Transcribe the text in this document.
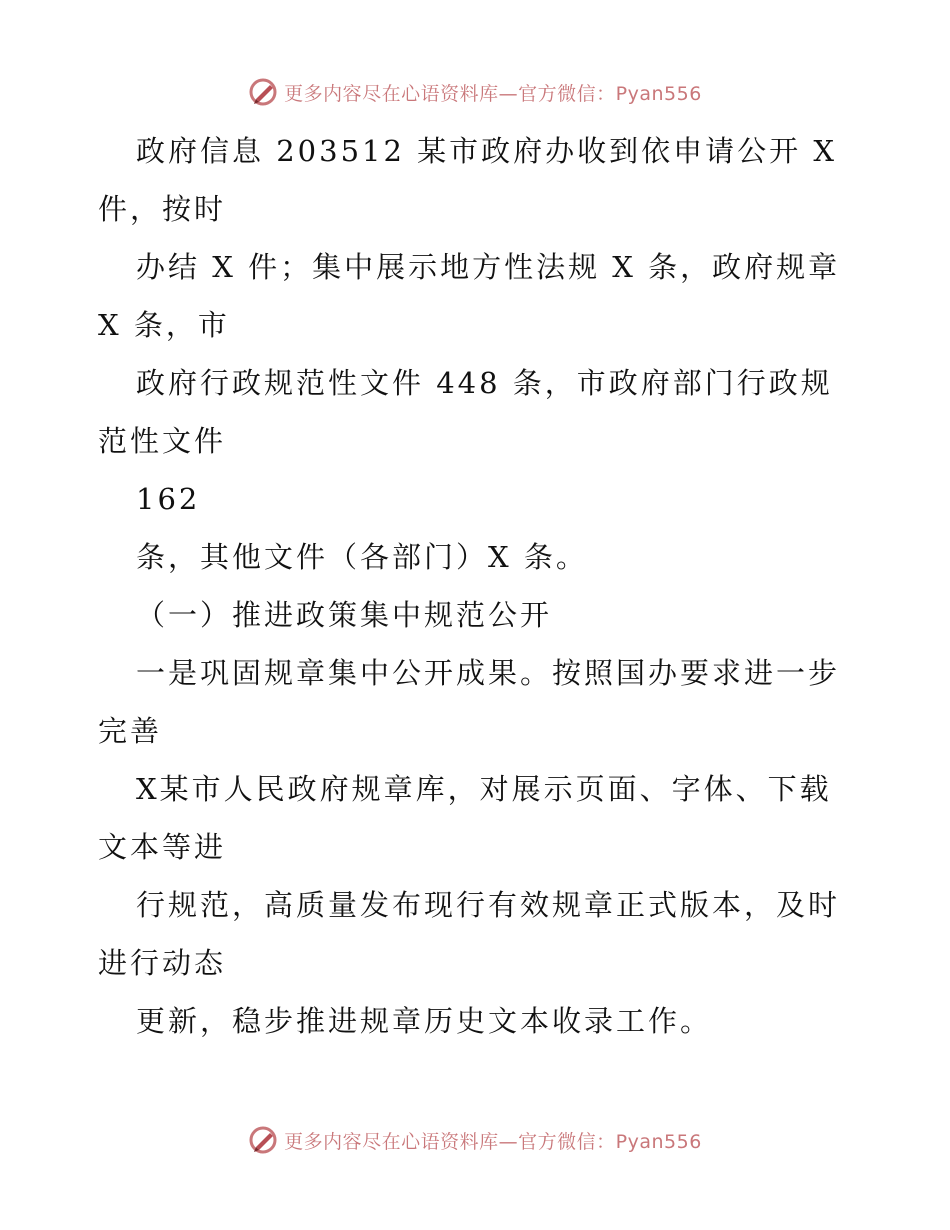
更多内容尽在心语资料库—官方微信：Pyan556

政府信息 203512 某市政府办收到依申请公开 X 件，按时

办结 X 件；集中展示地方性法规 X 条，政府规章 X 条，市

政府行政规范性文件 448 条，市政府部门行政规范性文件

162

条，其他文件（各部门）X 条。

（一）推进政策集中规范公开

一是巩固规章集中公开成果。按照国办要求进一步完善

X某市人民政府规章库，对展示页面、字体、下载文本等进

行规范，高质量发布现行有效规章正式版本，及时进行动态

更新，稳步推进规章历史文本收录工作。

更多内容尽在心语资料库—官方微信：Pyan556
